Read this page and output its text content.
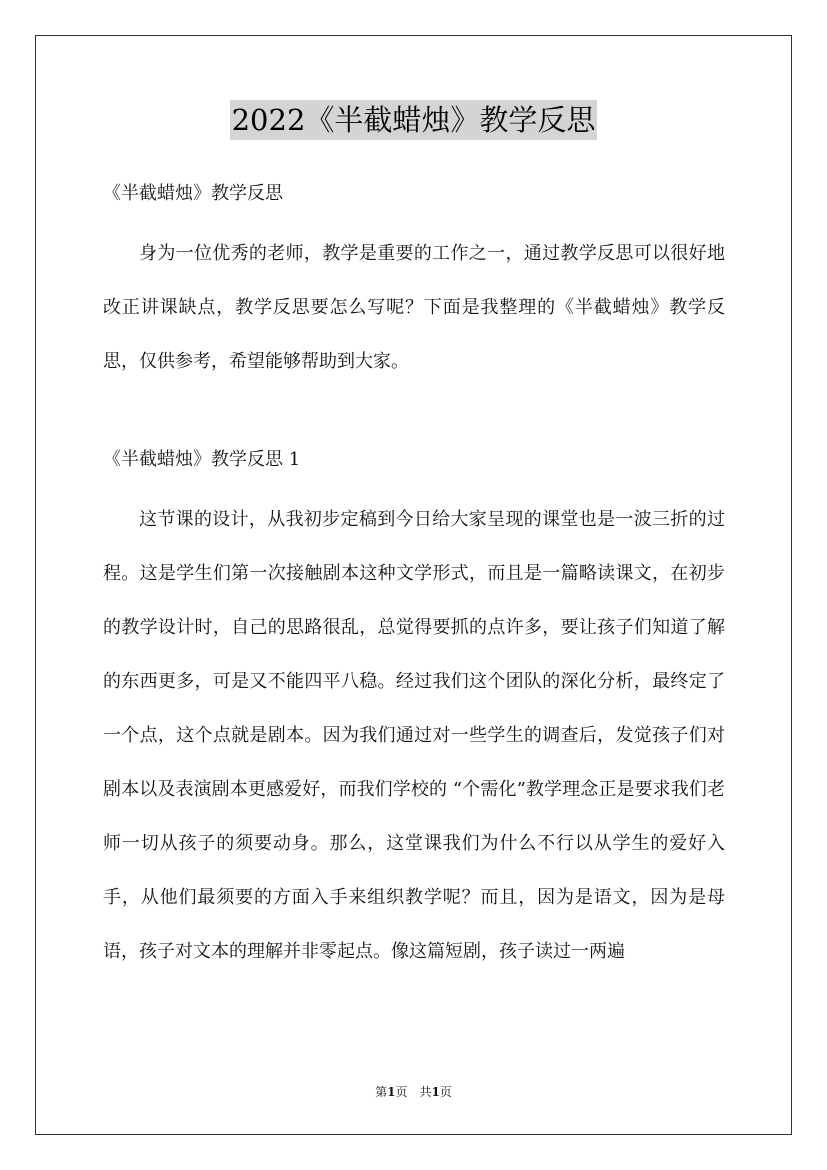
2022《半截蜡烛》教学反思

《半截蜡烛》教学反思

身为一位优秀的老师，教学是重要的工作之一，通过教学反思可以很好地改正讲课缺点，教学反思要怎么写呢？下面是我整理的《半截蜡烛》教学反思，仅供参考，希望能够帮助到大家。

《半截蜡烛》教学反思 1

这节课的设计，从我初步定稿到今日给大家呈现的课堂也是一波三折的过程。这是学生们第一次接触剧本这种文学形式，而且是一篇略读课文，在初步的教学设计时，自己的思路很乱，总觉得要抓的点许多，要让孩子们知道了解的东西更多，可是又不能四平八稳。经过我们这个团队的深化分析，最终定了一个点，这个点就是剧本。因为我们通过对一些学生的调查后，发觉孩子们对剧本以及表演剧本更感爱好，而我们学校的 “个需化”教学理念正是要求我们老师一切从孩子的须要动身。那么，这堂课我们为什么不行以从学生的爱好入手，从他们最须要的方面入手来组织教学呢？而且，因为是语文，因为是母语，孩子对文本的理解并非零起点。像这篇短剧，孩子读过一两遍

第1页　共1页
